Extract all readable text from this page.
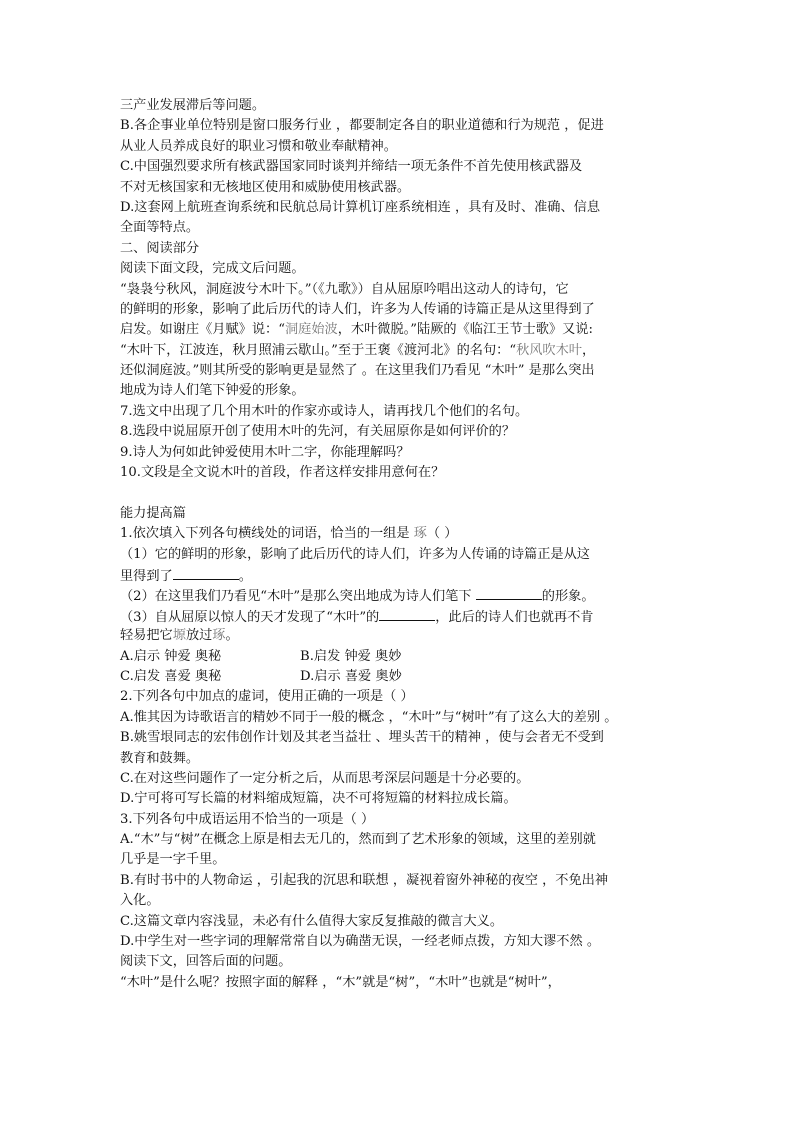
三产业发展滞后等问题。
B.各企事业单位特别是窗口服务行业 ，都要制定各自的职业道德和行为规范 ，促进
从业人员养成良好的职业习惯和敬业奉献精神。
C.中国强烈要求所有核武器国家同时谈判并缔结一项无条件不首先使用核武器及
不对无核国家和无核地区使用和威胁使用核武器。
D.这套网上航班查询系统和民航总局计算机订座系统相连 ，具有及时、准确、信息
全面等特点。
二、阅读部分
阅读下面文段，完成文后问题。
“袅袅兮秋风，洞庭波兮木叶下。”（《九歌》）自从屈原吟唱出这动人的诗句，它
的鲜明的形象，影响了此后历代的诗人们，许多为人传诵的诗篇正是从这里得到了
启发。如谢庄《月赋》说：“洞庭始波，木叶微脱。”陆厥的《临江王节士歌》又说:
“木叶下，江波连，秋月照浦云歇山。”至于王褒《渡河北》的名句：“秋风吹木叶，
还似洞庭波。”则其所受的影响更是显然了 。在这里我们乃看见 “木叶” 是那么突出
地成为诗人们笔下钟爱的形象。
7.选文中出现了几个用木叶的作家亦或诗人，请再找几个他们的名句。
8.选段中说屈原开创了使用木叶的先河，有关屈原你是如何评价的？
9.诗人为何如此钟爱使用木叶二字，你能理解吗？
10.文段是全文说木叶的首段，作者这样安排用意何在？
能力提高篇
1.依次填入下列各句横线处的词语，恰当的一组是 琢（ ）
（1）它的鲜明的形象，影响了此后历代的诗人们，许多为人传诵的诗篇正是从这
里得到了	。
（2）在这里我们乃看见“木叶”是那么突出地成为诗人们笔下	的形象。
（3）自从屈原以惊人的天才发现了“木叶”的	，此后的诗人们也就再不肯
轻易把它塬放过琢。
A.启示 钟爱 奥秘	B.启发 钟爱 奥妙
C.启发 喜爱 奥秘	D.启示 喜爱 奥妙
2.下列各句中加点的虚词，使用正确的一项是（ ）
A.惟其因为诗歌语言的精妙不同于一般的概念 ，“木叶”与“树叶”有了这么大的差别 。
B.姚雪垠同志的宏伟创作计划及其老当益壮 、埋头苦干的精神 ，使与会者无不受到
教育和鼓舞。
C.在对这些问题作了一定分析之后，从而思考深层问题是十分必要的。
D.宁可将可写长篇的材料缩成短篇，决不可将短篇的材料拉成长篇。
3.下列各句中成语运用不恰当的一项是（ ）
A.“木”与“树”在概念上原是相去无几的，然而到了艺术形象的领域，这里的差别就
几乎是一字千里。
B.有时书中的人物命运 ，引起我的沉思和联想 ，凝视着窗外神秘的夜空 ，不免出神
入化。
C.这篇文章内容浅显，未必有什么值得大家反复推敲的微言大义。
D.中学生对一些字词的理解常常自以为确凿无误，一经老师点拨，方知大谬不然 。
阅读下文，回答后面的问题。
“木叶”是什么呢？按照字面的解释 ，“木”就是“树”，“木叶”也就是“树叶”，
